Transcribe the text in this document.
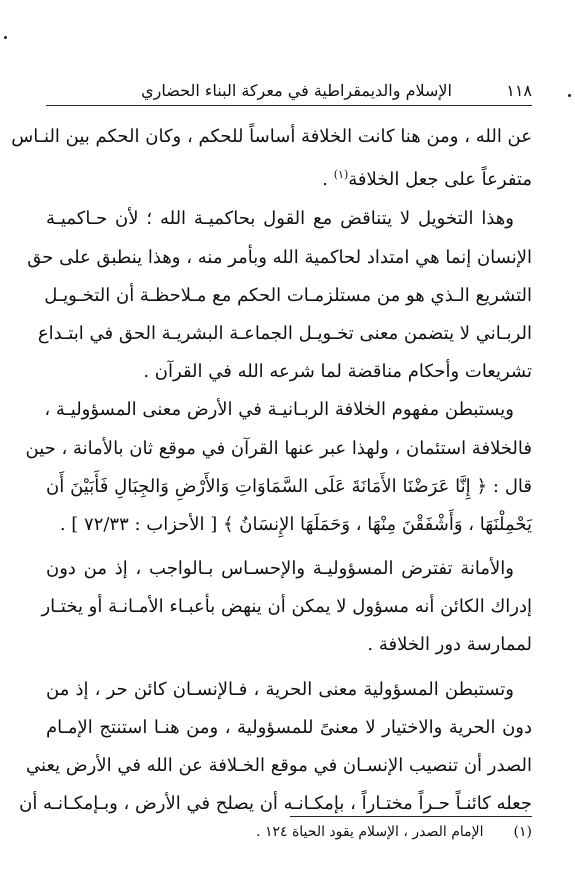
١١٨
الإسلام والديمقراطية في معركة البناء الحضاري
عن الله ، ومن هنا كانت الخلافة أساساً للحكم ، وكان الحكم بين النـاس
متفرعاً على جعل الخلافة$^{(١)}$ .
وهذا التخويل لا يتناقض مع القول بحاكميـة الله ؛ لأن حـاكميـة
الإنسان إنما هي امتداد لحاكمية الله وبأمر منه ، وهذا ينطبق على حق
التشريع الـذي هو من مستلزمـات الحكم مع مـلاحظـة أن التخـويـل
الربـاني لا يتضمن معنى تخـويـل الجماعـة البشريـة الحق في ابتـداع
تشريعات وأحكام مناقضة لما شرعه الله في القرآن .
ويستبطن مفهوم الخلافة الربـانيـة في الأرض معنى المسؤوليـة ،
فالخلافة استئمان ، ولهذا عبر عنها القرآن في موقع ثان بالأمانة ، حين
قال : ﴿ إِنَّا عَرَضْنَا الأَمَانَةَ عَلَى السَّمَاوَاتِ وَالأَرْضِ وَالجِبَالِ فَأَبَيْنَ أَن
يَحْمِلْنَهَا ، وَأَشْفَقْنَ مِنْهَا ، وَحَمَلَهَا الإِنسَانُ ﴾ [ الأحزاب : ٧٢/٣٣ ] .
والأمانة تفترض المسؤوليـة والإحسـاس بـالواجب ، إذ من دون
إدراك الكائن أنه مسؤول لا يمكن أن ينهض بأعبـاء الأمـانـة أو يختـار
لممارسة دور الخلافة .
وتستبطن المسؤولية معنى الحرية ، فـالإنسـان كائن حر ، إذ من
دون الحرية والاختيار لا معنىً للمسؤولية ، ومن هنـا استنتج الإمـام
الصدر أن تنصيب الإنسـان في موقع الخـلافة عن الله في الأرض يعني
جعله كائنـاً حـراً مختـاراً ، بإمكـانـه أن يصلح في الأرض ، وبـإمكـانـه أن
(١)الإمام الصدر ، الإسلام يقود الحياة ١٢٤ .
